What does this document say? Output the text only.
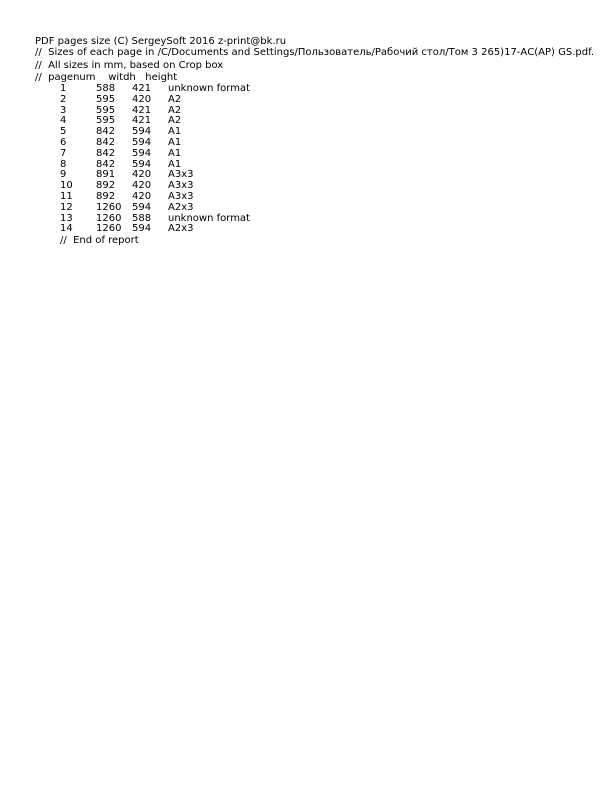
PDF pages size (C) SergeySoft 2016 z-print@bk.ru
//  Sizes of each page in /C/Documents and Settings/Пользователь/Рабочий стол/Том 3 265)17-АС(АР) GS.pdf.
//  All sizes in mm, based on Crop box
//  pagenum    witdh   height
1	588 421 unknown format
2	595 420 A2
3	595 421 A2
4	595 421 A2
5	842 594 A1
6	842 594 A1
7	842 594 A1
8	842 594 A1
9	891 420 A3x3
10 892 420 A3x3
11 892 420 A3x3
12 1260 594 A2x3
13 1260 588 unknown format
14 1260 594 A2x3
//  End of report
